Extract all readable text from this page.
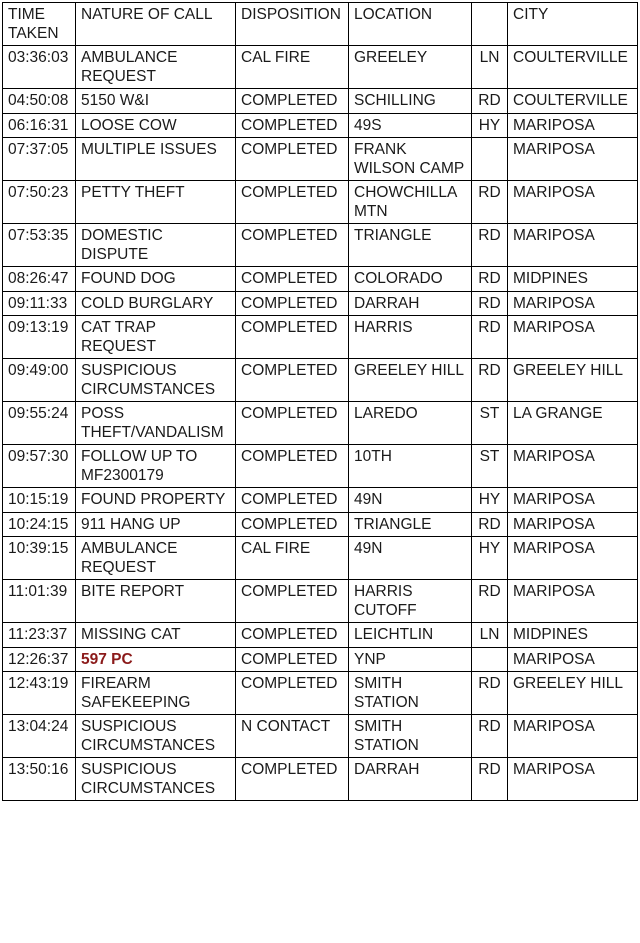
TIME TAKEN	NATURE OF CALL	DISPOSITION	LOCATION		CITY
03:36:03	AMBULANCE REQUEST	CAL FIRE	GREELEY	LN	COULTERVILLE
04:50:08	5150 W&I	COMPLETED	SCHILLING	RD	COULTERVILLE
06:16:31	LOOSE COW	COMPLETED	49S	HY	MARIPOSA
07:37:05	MULTIPLE ISSUES	COMPLETED	FRANK WILSON CAMP		MARIPOSA
07:50:23	PETTY THEFT	COMPLETED	CHOWCHILLA MTN	RD	MARIPOSA
07:53:35	DOMESTIC DISPUTE	COMPLETED	TRIANGLE	RD	MARIPOSA
08:26:47	FOUND DOG	COMPLETED	COLORADO	RD	MIDPINES
09:11:33	COLD BURGLARY	COMPLETED	DARRAH	RD	MARIPOSA
09:13:19	CAT TRAP REQUEST	COMPLETED	HARRIS	RD	MARIPOSA
09:49:00	SUSPICIOUS CIRCUMSTANCES	COMPLETED	GREELEY HILL	RD	GREELEY HILL
09:55:24	POSS THEFT/VANDALISM	COMPLETED	LAREDO	ST	LA GRANGE
09:57:30	FOLLOW UP TO MF2300179	COMPLETED	10TH	ST	MARIPOSA
10:15:19	FOUND PROPERTY	COMPLETED	49N	HY	MARIPOSA
10:24:15	911 HANG UP	COMPLETED	TRIANGLE	RD	MARIPOSA
10:39:15	AMBULANCE REQUEST	CAL FIRE	49N	HY	MARIPOSA
11:01:39	BITE REPORT	COMPLETED	HARRIS CUTOFF	RD	MARIPOSA
11:23:37	MISSING CAT	COMPLETED	LEICHTLIN	LN	MIDPINES
12:26:37	597 PC	COMPLETED	YNP		MARIPOSA
12:43:19	FIREARM SAFEKEEPING	COMPLETED	SMITH STATION	RD	GREELEY HILL
13:04:24	SUSPICIOUS CIRCUMSTANCES	N CONTACT	SMITH STATION	RD	MARIPOSA
13:50:16	SUSPICIOUS CIRCUMSTANCES	COMPLETED	DARRAH	RD	MARIPOSA
